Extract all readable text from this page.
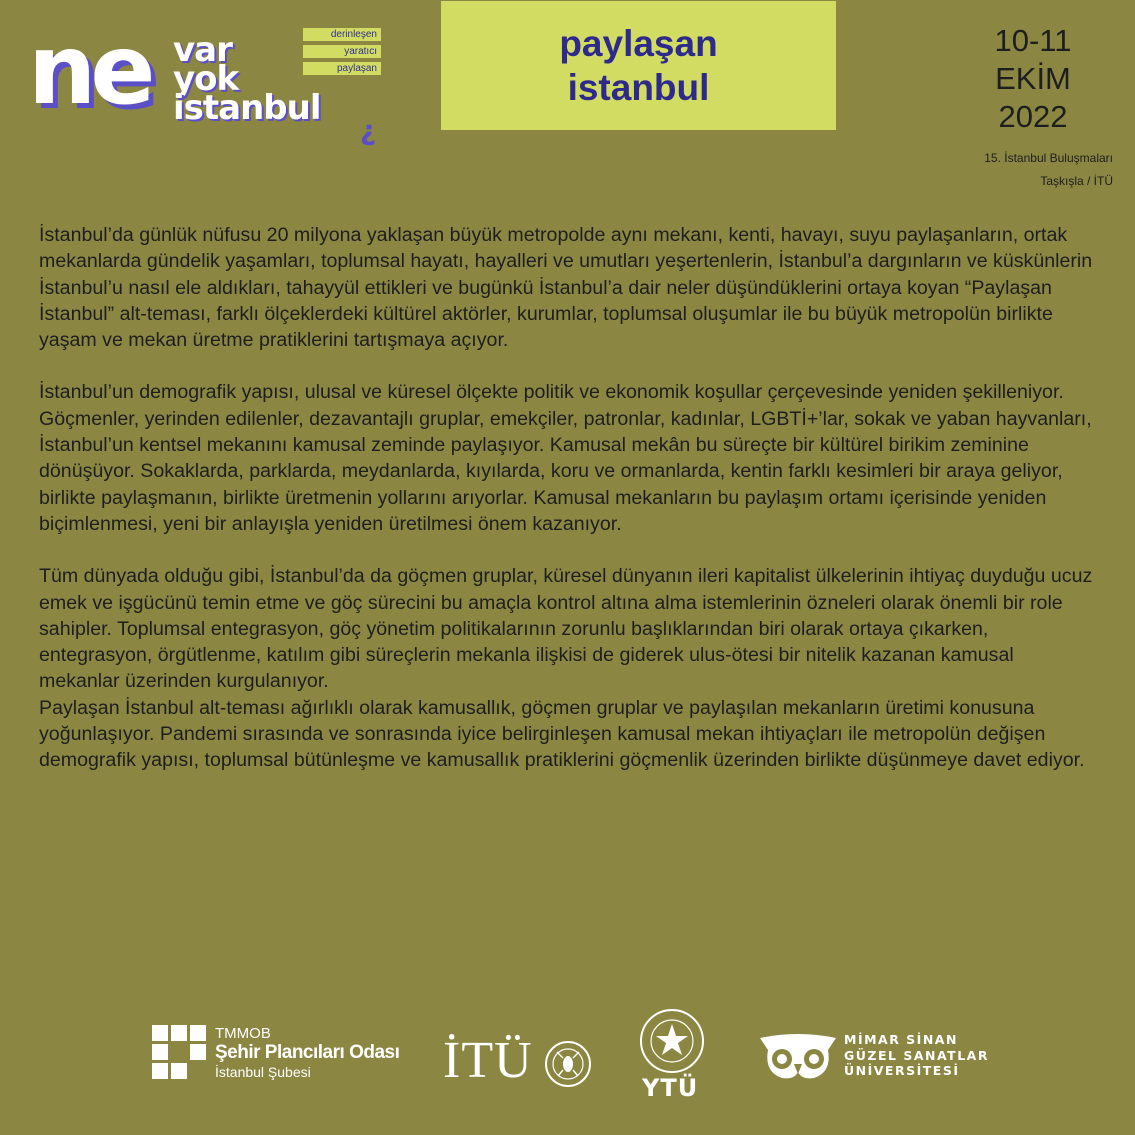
ne var
yok
istanbul
?
derinleşen
yaratıcı
paylaşan
paylaşan
istanbul
10-11
EKİM
2022
15. İstanbul Buluşmaları
Taşkışla / İTÜ

İstanbul’da günlük nüfusu 20 milyona yaklaşan büyük metropolde aynı mekanı, kenti, havayı, suyu paylaşanların, ortak mekanlarda gündelik yaşamları, toplumsal hayatı, hayalleri ve umutları yeşertenlerin, İstanbul’a dargınların ve küskünlerin İstanbul’u nasıl ele aldıkları, tahayyül ettikleri ve bugünkü İstanbul’a dair neler düşündüklerini ortaya koyan “Paylaşan İstanbul” alt-teması, farklı ölçeklerdeki kültürel aktörler, kurumlar, toplumsal oluşumlar ile bu büyük metropolün birlikte yaşam ve mekan üretme pratiklerini tartışmaya açıyor.

İstanbul’un demografik yapısı, ulusal ve küresel ölçekte politik ve ekonomik koşullar çerçevesinde yeniden şekilleniyor. Göçmenler, yerinden edilenler, dezavantajlı gruplar, emekçiler, patronlar, kadınlar, LGBTİ+’lar, sokak ve yaban hayvanları, İstanbul’un kentsel mekanını kamusal zeminde paylaşıyor. Kamusal mekân bu süreçte bir kültürel birikim zeminine dönüşüyor. Sokaklarda, parklarda, meydanlarda, kıyılarda, koru ve ormanlarda, kentin farklı kesimleri bir araya geliyor, birlikte paylaşmanın, birlikte üretmenin yollarını arıyorlar. Kamusal mekanların bu paylaşım ortamı içerisinde yeniden biçimlenmesi, yeni bir anlayışla yeniden üretilmesi önem kazanıyor.

Tüm dünyada olduğu gibi, İstanbul’da da göçmen gruplar, küresel dünyanın ileri kapitalist ülkelerinin ihtiyaç duyduğu ucuz emek ve işgücünü temin etme ve göç sürecini bu amaçla kontrol altına alma istemlerinin özneleri olarak önemli bir role sahipler. Toplumsal entegrasyon, göç yönetim politikalarının zorunlu başlıklarından biri olarak ortaya çıkarken, entegrasyon, örgütlenme, katılım gibi süreçlerin mekanla ilişkisi de giderek ulus-ötesi bir nitelik kazanan kamusal mekanlar üzerinden kurgulanıyor.

Paylaşan İstanbul alt-teması ağırlıklı olarak kamusallık, göçmen gruplar ve paylaşılan mekanların üretimi konusuna yoğunlaşıyor. Pandemi sırasında ve sonrasında iyice belirginleşen kamusal mekan ihtiyaçları ile metropolün değişen demografik yapısı, toplumsal bütünleşme ve kamusallık pratiklerini göçmenlik üzerinden birlikte düşünmeye davet ediyor.

TMMOB
Şehir Plancıları Odası
İstanbul Şubesi	İTÜ	YTÜ
MİMAR SİNAN
GÜZEL SANATLAR
ÜNİVERSİTESİ
